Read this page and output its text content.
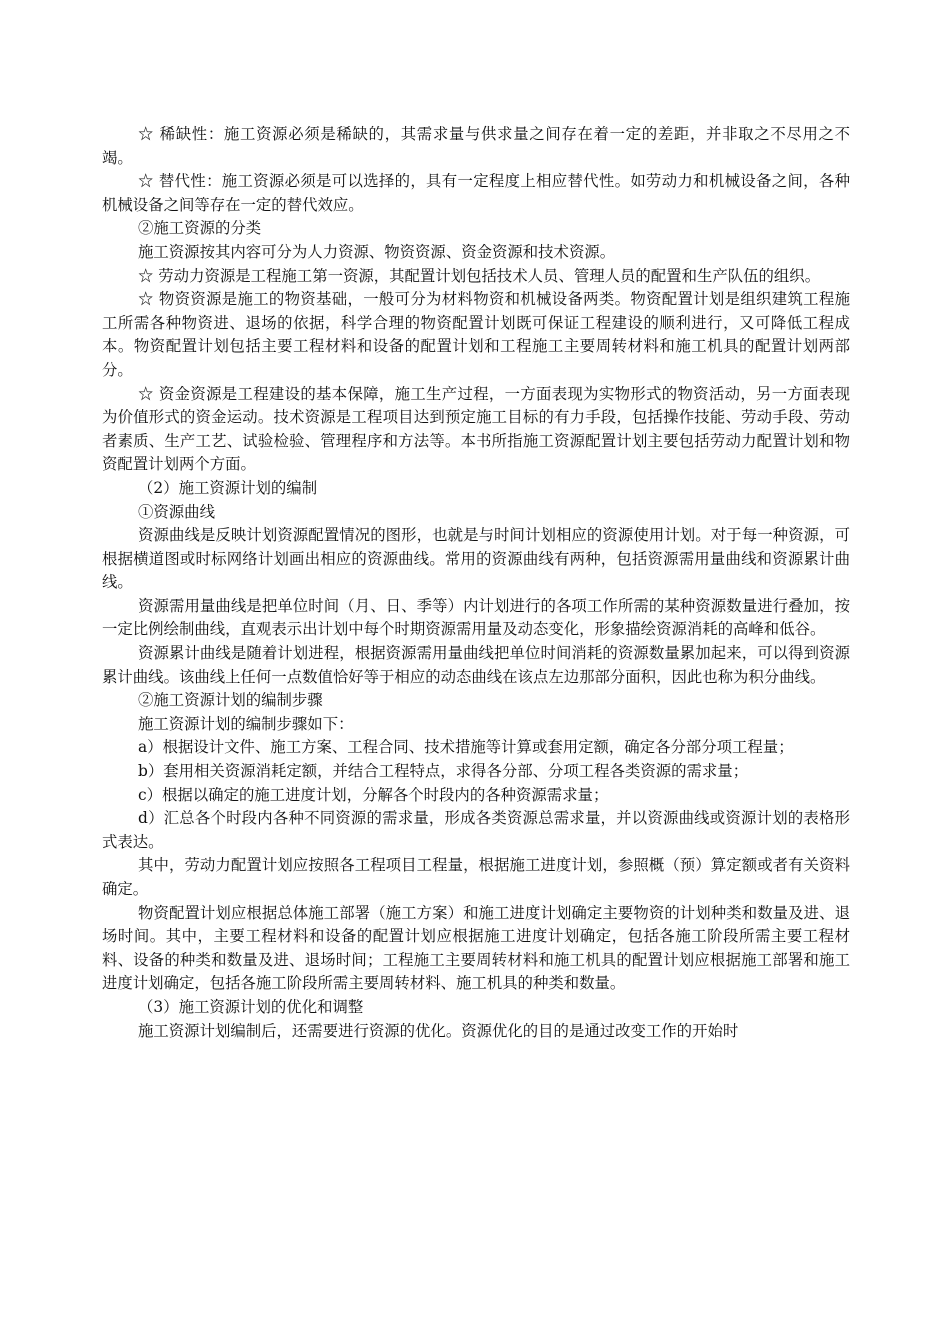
☆ 稀缺性：施工资源必须是稀缺的，其需求量与供求量之间存在着一定的差距，并非取之不尽用之不竭。

☆ 替代性：施工资源必须是可以选择的，具有一定程度上相应替代性。如劳动力和机械设备之间，各种机械设备之间等存在一定的替代效应。

②施工资源的分类

施工资源按其内容可分为人力资源、物资资源、资金资源和技术资源。

☆ 劳动力资源是工程施工第一资源，其配置计划包括技术人员、管理人员的配置和生产队伍的组织。

☆ 物资资源是施工的物资基础，一般可分为材料物资和机械设备两类。物资配置计划是组织建筑工程施工所需各种物资进、退场的依据，科学合理的物资配置计划既可保证工程建设的顺利进行，又可降低工程成本。物资配置计划包括主要工程材料和设备的配置计划和工程施工主要周转材料和施工机具的配置计划两部分。

☆ 资金资源是工程建设的基本保障，施工生产过程，一方面表现为实物形式的物资活动，另一方面表现为价值形式的资金运动。技术资源是工程项目达到预定施工目标的有力手段，包括操作技能、劳动手段、劳动者素质、生产工艺、试验检验、管理程序和方法等。本书所指施工资源配置计划主要包括劳动力配置计划和物资配置计划两个方面。

（2）施工资源计划的编制

①资源曲线

资源曲线是反映计划资源配置情况的图形，也就是与时间计划相应的资源使用计划。对于每一种资源，可根据横道图或时标网络计划画出相应的资源曲线。常用的资源曲线有两种，包括资源需用量曲线和资源累计曲线。

资源需用量曲线是把单位时间（月、日、季等）内计划进行的各项工作所需的某种资源数量进行叠加，按一定比例绘制曲线，直观表示出计划中每个时期资源需用量及动态变化，形象描绘资源消耗的高峰和低谷。

资源累计曲线是随着计划进程，根据资源需用量曲线把单位时间消耗的资源数量累加起来，可以得到资源累计曲线。该曲线上任何一点数值恰好等于相应的动态曲线在该点左边那部分面积，因此也称为积分曲线。

②施工资源计划的编制步骤

施工资源计划的编制步骤如下：

a）根据设计文件、施工方案、工程合同、技术措施等计算或套用定额，确定各分部分项工程量；

b）套用相关资源消耗定额，并结合工程特点，求得各分部、分项工程各类资源的需求量；

c）根据以确定的施工进度计划，分解各个时段内的各种资源需求量；

d）汇总各个时段内各种不同资源的需求量，形成各类资源总需求量，并以资源曲线或资源计划的表格形式表达。

其中，劳动力配置计划应按照各工程项目工程量，根据施工进度计划，参照概（预）算定额或者有关资料确定。

物资配置计划应根据总体施工部署（施工方案）和施工进度计划确定主要物资的计划种类和数量及进、退场时间。其中，主要工程材料和设备的配置计划应根据施工进度计划确定，包括各施工阶段所需主要工程材料、设备的种类和数量及进、退场时间；工程施工主要周转材料和施工机具的配置计划应根据施工部署和施工进度计划确定，包括各施工阶段所需主要周转材料、施工机具的种类和数量。

（3）施工资源计划的优化和调整

施工资源计划编制后，还需要进行资源的优化。资源优化的目的是通过改变工作的开始时
